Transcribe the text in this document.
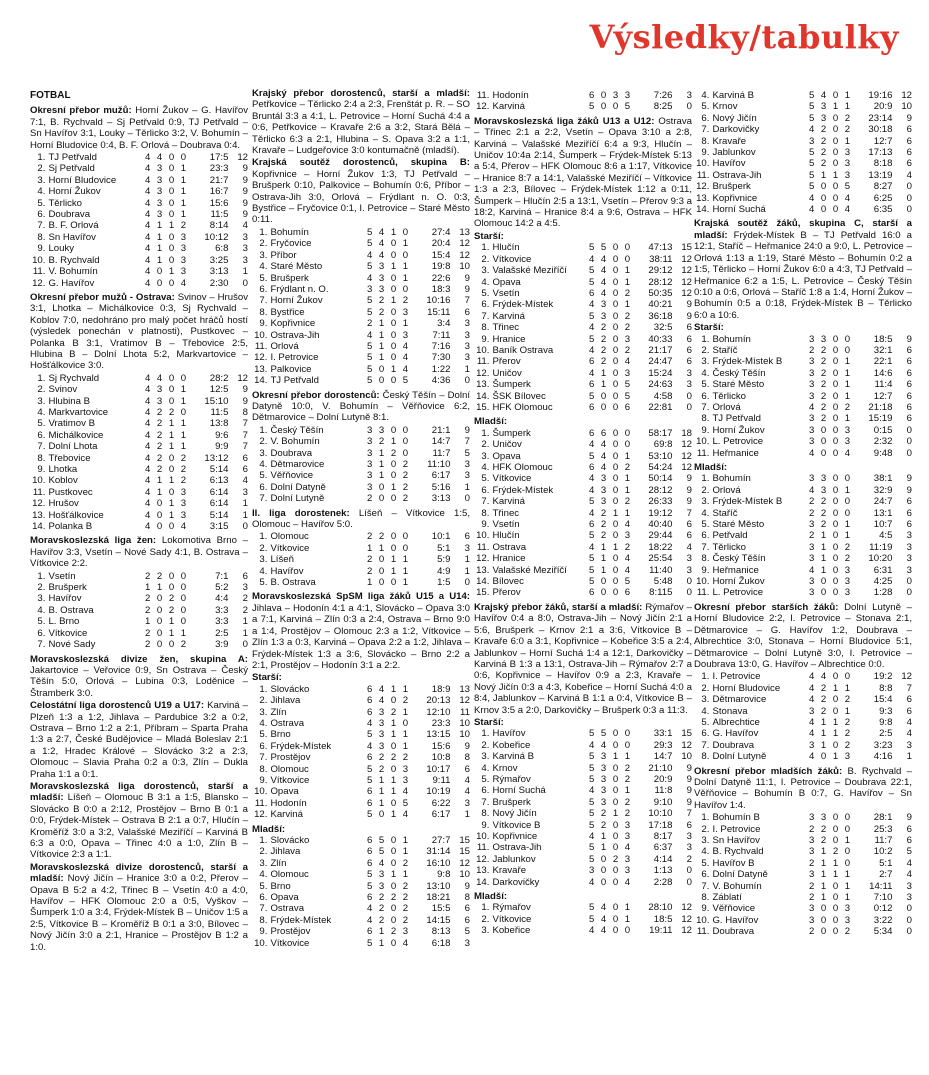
Výsledky/tabulky
FOTBAL
Okresní přebor mužů: Horní Žukov – G. Havířov 7:1, B. Rychvald – Sj Petřvald 0:9, TJ Petřvald – Sn Havířov 3:1, Louky – Těrlicko 3:2, V. Bohumín – Horní Bludovice 0:4, B. F. Orlová – Doubrava 0:4.
1.	TJ Petřvald	4	4	0	0	17:5	12
2.	Sj Petřvald	4	3	0	1	23:3	9
3.	Horní Bludovice	4	3	0	1	21:7	9
4.	Horní Žukov	4	3	0	1	16:7	9
5.	Těrlicko	4	3	0	1	15:6	9
6.	Doubrava	4	3	0	1	11:5	9
7.	B. F. Orlová	4	1	1	2	8:14	4
8.	Sn Havířov	4	1	0	3	10:12	3
9.	Louky	4	1	0	3	6:8	3
10.	B. Rychvald	4	1	0	3	3:25	3
11.	V. Bohumín	4	0	1	3	3:13	1
12.	G. Havířov	4	0	0	4	2:30	0
Okresní přebor mužů - Ostrava: Svinov – Hrušov 3:1, Lhotka – Michálkovice 0:3, Sj Rychvald – Koblov 7:0, nedohráno pro malý počet hráčů hostí (výsledek ponechán v platnosti), Pustkovec – Polanka B 3:1, Vratimov B – Třebovice 2:5, Hlubina B – Dolní Lhota 5:2, Markvartovice – Hošťálkovice 3:0.
1.	Sj Rychvald	4	4	0	0	28:2	12
2.	Svinov	4	3	0	1	12:5	9
3.	Hlubina B	4	3	0	1	15:10	9
4.	Markvartovice	4	2	2	0	11:5	8
5.	Vratimov B	4	2	1	1	13:8	7
6.	Michálkovice	4	2	1	1	9:6	7
7.	Dolní Lhota	4	2	1	1	9:9	7
8.	Třebovice	4	2	0	2	13:12	6
9.	Lhotka	4	2	0	2	5:14	6
10.	Koblov	4	1	1	2	6:13	4
11.	Pustkovec	4	1	0	3	6:14	3
12.	Hrušov	4	0	1	3	6:14	1
13.	Hošťálkovice	4	0	1	3	5:14	1
14.	Polanka B	4	0	0	4	3:15	0
Moravskoslezská liga žen: Lokomotiva Brno – Havířov 3:3, Vsetín – Nové Sady 4:1, B. Ostrava – Vítkovice 2:2.
1.	Vsetín	2	2	0	0	7:1	6
2.	Brušperk	1	1	0	0	5:2	3
3.	Havířov	2	0	2	0	4:4	2
4.	B. Ostrava	2	0	2	0	3:3	2
5.	L. Brno	1	0	1	0	3:3	1
6.	Vítkovice	2	0	1	1	2:5	1
7.	Nové Sady	2	0	0	2	3:9	0
Moravskoslezská divize žen, skupina A: Jakartovice – Veřovice 0:9, Sn Ostrava – Český Těšín 5:0, Orlová – Lubina 0:3, Loděnice – Štramberk 3:0.
Celostátní liga dorostenců U19 a U17: Karviná – Plzeň 1:3 a 1:2, Jihlava – Pardubice 3:2 a 0:2, Ostrava – Brno 1:2 a 2:1, Příbram – Sparta Praha 1:3 a 2:7, České Budějovice – Mladá Boleslav 2:1 a 1:2, Hradec Králové – Slovácko 3:2 a 2:3, Olomouc – Slavia Praha 0:2 a 0:3, Zlín – Dukla Praha 1:1 a 0:1.
Moravskoslezská liga dorostenců, starší a mladší: Líšeň – Olomouc B 3:1 a 1:5, Blansko – Slovácko B 0:0 a 2:12, Prostějov – Brno B 0:1 a 0:0, Frýdek-Místek – Ostrava B 2:1 a 0:7, Hlučín – Kroměříž 3:0 a 3:2, Valašské Meziříčí – Karviná B 6:3 a 0:0, Opava – Třinec 4:0 a 1:0, Zlín B – Vítkovice 2:3 a 1:1.
Moravskoslezská divize dorostenců, starší a mladší: Nový Jičín – Hranice 3:0 a 0:2, Přerov – Opava B 5:2 a 4:2, Třinec B – Vsetín 4:0 a 4:0, Havířov – HFK Olomouc 2:0 a 0:5, Vyškov – Šumperk 1:0 a 3:4, Frýdek-Místek B – Uničov 1:5 a 2:5, Vítkovice B – Kroměříž B 0:1 a 3:0, Bílovec – Nový Jičín 3:0 a 2:1, Hranice – Prostějov B 1:2 a 1:0.
Krajský přebor dorostenců, starší a mladší: Petřkovice – Těrlicko 2:4 a 2:3, Frenštát p. R. – SO Bruntál 3:3 a 4:1, L. Petrovice – Horní Suchá 4:4 a 0:6, Petřkovice – Kravaře 2:6 a 3:2, Stará Bělá – Těrlicko 6:3 a 2:1, Hlubina – S. Opava 3:2 a 1:1, Kravaře – Ludgeřovice 3:0 kontumačně (mladší).
Krajská soutěž dorostenců, skupina B: Kopřivnice – Horní Žukov 1:3, TJ Petřvald – Brušperk 0:10, Palkovice – Bohumín 0:6, Příbor – Ostrava-Jih 3:0, Orlová – Frýdlant n. O. 0:3, Bystřice – Fryčovice 0:1, I. Petrovice – Staré Město 0:11.
1.	Bohumín	5	4	1	0	27:4	13
2.	Fryčovice	5	4	0	1	20:4	12
3.	Příbor	4	4	0	0	15:4	12
4.	Staré Město	5	3	1	1	19:8	10
5.	Brušperk	4	3	0	1	22:6	9
6.	Frýdlant n. O.	3	3	0	0	18:3	9
7.	Horní Žukov	5	2	1	2	10:16	7
8.	Bystřice	5	2	0	3	15:11	6
9.	Kopřivnice	2	1	0	1	3:4	3
10.	Ostrava-Jih	4	1	0	3	7:11	3
11.	Orlová	5	1	0	4	7:16	3
12.	I. Petrovice	5	1	0	4	7:30	3
13.	Palkovice	5	0	1	4	1:22	1
14.	TJ Petřvald	5	0	0	5	4:36	0
Okresní přebor dorostenců: Český Těšín – Dolní Datyně 10:0, V. Bohumín – Věřňovice 6:2, Dětmarovice – Dolní Lutyně 8:1.
1.	Český Těšín	3	3	0	0	21:1	9
2.	V. Bohumín	3	2	1	0	14:7	7
3.	Doubrava	3	1	2	0	11:7	5
4.	Dětmarovice	3	1	0	2	11:10	3
5.	Věřňovice	3	1	0	2	6:17	3
6.	Dolní Datyně	3	0	1	2	5:16	1
7.	Dolní Lutyně	2	0	0	2	3:13	0
II. liga dorostenek: Líšeň – Vítkovice 1:5, Olomouc – Havířov 5:0.
1.	Olomouc	2	2	0	0	10:1	6
2.	Vítkovice	1	1	0	0	5:1	3
3.	Líšeň	2	0	1	1	5:9	1
4.	Havířov	2	0	1	1	4:9	1
5.	B. Ostrava	1	0	0	1	1:5	0
Moravskoslezská SpSM liga žáků U15 a U14: Jihlava – Hodonín 4:1 a 4:1, Slovácko – Opava 3:0 a 7:1, Karviná – Zlín 0:3 a 2:4, Ostrava – Brno 9:0 a 1:4, Prostějov – Olomouc 2:3 a 1:2, Vítkovice – Zlín 1:3 a 0:3, Karviná – Opava 2:2 a 1:2, Jihlava – Frýdek-Místek 1:3 a 3:6, Slovácko – Brno 2:2 a 2:1, Prostějov – Hodonín 3:1 a 2:2.
Starší:
1.	Slovácko	6	4	1	1	18:9	13
2.	Jihlava	6	4	0	2	20:13	12
3.	Zlín	6	3	2	1	12:10	11
4.	Ostrava	4	3	1	0	23:3	10
5.	Brno	5	3	1	1	13:15	10
6.	Frýdek-Místek	4	3	0	1	15:6	9
7.	Prostějov	6	2	2	2	10:8	8
8.	Olomouc	5	2	0	3	10:17	6
9.	Vítkovice	5	1	1	3	9:11	4
10.	Opava	6	1	1	4	10:19	4
11.	Hodonín	6	1	0	5	6:22	3
12.	Karviná	5	0	1	4	6:17	1
Mladší:
1.	Slovácko	6	5	0	1	27:7	15
2.	Jihlava	6	5	0	1	31:14	15
3.	Zlín	6	4	0	2	16:10	12
4.	Olomouc	5	3	1	1	9:8	10
5.	Brno	5	3	0	2	13:10	9
6.	Opava	6	2	2	2	18:21	8
7.	Ostrava	4	2	0	2	15:5	6
8.	Frýdek-Místek	4	2	0	2	14:15	6
9.	Prostějov	6	1	2	3	8:13	5
10.	Vítkovice	5	1	0	4	6:18	3
11.	Hodonín	6	0	3	3	7:26	3
12.	Karviná	5	0	0	5	8:25	0
Moravskoslezská liga žáků U13 a U12: Ostrava – Třinec 2:1 a 2:2, Vsetín – Opava 3:10 a 2:8, Karviná – Valašské Meziříčí 6:4 a 9:3, Hlučín – Uničov 10:4a 2:14, Šumperk – Frýdek-Místek 5:13 a 5:4, Přerov – HFK Olomouc 8:6 a 1:17, Vítkovice – Hranice 8:7 a 14:1, Valašské Meziříčí – Vítkovice 1:3 a 2:3, Bílovec – Frýdek-Místek 1:12 a 0:11, Šumperk – Hlučín 2:5 a 13:1, Vsetín – Přerov 9:3 a 18:2, Karviná – Hranice 8:4 a 9:6, Ostrava – HFK Olomouc 14:2 a 4:5.
Starší:
1.	Hlučín	5	5	0	0	47:13	15
2.	Vítkovice	4	4	0	0	38:11	12
3.	Valašské Meziříčí	5	4	0	1	29:12	12
4.	Opava	5	4	0	1	28:12	12
5.	Vsetín	6	4	0	2	50:35	12
6.	Frýdek-Místek	4	3	0	1	40:21	9
7.	Karviná	5	3	0	2	36:18	9
8.	Třinec	4	2	0	2	32:5	6
9.	Hranice	5	2	0	3	40:33	6
10.	Baník Ostrava	4	2	0	2	21:17	6
11.	Přerov	6	2	0	4	24:47	6
12.	Uničov	4	1	0	3	15:24	3
13.	Šumperk	6	1	0	5	24:63	3
14.	ŠSK Bílovec	5	0	0	5	4:58	0
15.	HFK Olomouc	6	0	0	6	22:81	0
Mladší:
1.	Šumperk	6	6	0	0	58:17	18
2.	Uničov	4	4	0	0	69:8	12
3.	Opava	5	4	0	1	53:10	12
4.	HFK Olomouc	6	4	0	2	54:24	12
5.	Vítkovice	4	3	0	1	50:14	9
6.	Frýdek-Místek	4	3	0	1	28:12	9
7.	Karviná	5	3	0	2	26:33	9
8.	Třinec	4	2	1	1	19:12	7
9.	Vsetín	6	2	0	4	40:40	6
10.	Hlučín	5	2	0	3	29:44	6
11.	Ostrava	4	1	1	2	18:22	4
12.	Hranice	5	1	0	4	25:54	3
13.	Valašské Meziříčí	5	1	0	4	11:40	3
14.	Bílovec	5	0	0	5	5:48	0
15.	Přerov	6	0	0	6	8:115	0
Krajský přebor žáků, starší a mladší: Rýmařov – Havířov 0:4 a 8:0, Ostrava-Jih – Nový Jičín 2:1 a 5:6, Brušperk – Krnov 2:1 a 3:6, Vítkovice B – Kravaře 6:0 a 3:1, Kopřivnice – Kobeřice 3:5 a 2:4, Jablunkov – Horní Suchá 1:4 a 12:1, Darkovičky – Karviná B 1:3 a 13:1, Ostrava-Jih – Rýmařov 2:7 a 0:6, Kopřivnice – Havířov 0:9 a 2:3, Kravaře – Nový Jičín 0:3 a 4:3, Kobeřice – Horní Suchá 4:0 a 8:4, Jablunkov – Karviná B 1:1 a 0:4, Vítkovice B – Krnov 3:5 a 2:0, Darkovičky – Brušperk 0:3 a 11:3.
Starší:
1.	Havířov	5	5	0	0	33:1	15
2.	Kobeřice	4	4	0	0	29:3	12
3.	Karviná B	5	3	1	1	14:7	10
4.	Krnov	5	3	0	2	21:10	9
5.	Rýmařov	5	3	0	2	20:9	9
6.	Horní Suchá	4	3	0	1	11:8	9
7.	Brušperk	5	3	0	2	9:10	9
8.	Nový Jičín	5	2	1	2	10:10	7
9.	Vítkovice B	5	2	0	3	17:18	6
10.	Kopřivnice	4	1	0	3	8:17	3
11.	Ostrava-Jih	5	1	0	4	6:37	3
12.	Jablunkov	5	0	2	3	4:14	2
13.	Kravaře	3	0	0	3	1:13	0
14.	Darkovičky	4	0	0	4	2:28	0
Mladší:
1.	Rýmařov	5	4	0	1	28:10	12
2.	Vítkovice	5	4	0	1	18:5	12
3.	Kobeřice	4	4	0	0	19:11	12
4.	Karviná B	5	4	0	1	19:16	12
5.	Krnov	5	3	1	1	20:9	10
6.	Nový Jičín	5	3	0	2	23:14	9
7.	Darkovičky	4	2	0	2	30:18	6
8.	Kravaře	3	2	0	1	12:7	6
9.	Jablunkov	5	2	0	3	17:13	6
10.	Havířov	5	2	0	3	8:18	6
11.	Ostrava-Jih	5	1	1	3	13:19	4
12.	Brušperk	5	0	0	5	8:27	0
13.	Kopřivnice	4	0	0	4	6:25	0
14.	Horní Suchá	4	0	0	4	6:35	0
Krajská soutěž žáků, skupina C, starší a mladší: Frýdek-Místek B – TJ Petřvald 16:0 a 12:1, Staříč – Heřmanice 24:0 a 9:0, L. Petrovice – Orlová 1:13 a 1:19, Staré Město – Bohumín 0:2 a 1:5, Těrlicko – Horní Žukov 6:0 a 4:3, TJ Petřvald – Heřmanice 6:2 a 1:5, L. Petrovice – Český Těšín 0:10 a 0:6, Orlová – Staříč 1:8 a 1:4, Horní Žukov – Bohumín 0:5 a 0:18, Frýdek-Místek B – Těrlicko 6:0 a 10:6.
Starší:
1.	Bohumín	3	3	0	0	18:5	9
2.	Staříč	2	2	0	0	32:1	6
3.	Frýdek-Místek B	3	2	0	1	22:1	6
4.	Český Těšín	3	2	0	1	14:6	6
5.	Staré Město	3	2	0	1	11:4	6
6.	Těrlicko	3	2	0	1	12:7	6
7.	Orlová	4	2	0	2	21:18	6
8.	TJ Petřvald	3	2	0	1	15:19	6
9.	Horní Žukov	3	0	0	3	0:15	0
10.	L. Petrovice	3	0	0	3	2:32	0
11.	Heřmanice	4	0	0	4	9:48	0
Mladší:
1.	Bohumín	3	3	0	0	38:1	9
2.	Orlová	4	3	0	1	32:9	9
3.	Frýdek-Místek B	2	2	0	0	24:7	6
4.	Staříč	2	2	0	0	13:1	6
5.	Staré Město	3	2	0	1	10:7	6
6.	Petřvald	2	1	0	1	4:5	3
7.	Těrlicko	3	1	0	2	11:19	3
8.	Český Těšín	3	1	0	2	10:20	3
9.	Heřmanice	4	1	0	3	6:31	3
10.	Horní Žukov	3	0	0	3	4:25	0
11.	L. Petrovice	3	0	0	3	1:28	0
Okresní přebor starších žáků: Dolní Lutyně – Horní Bludovice 2:2, I. Petrovice – Stonava 2:1, Dětmarovice – G. Havířov 1:2, Doubrava – Albrechtice 3:0, Stonava – Horní Bludovice 5:1, Dětmarovice – Dolní Lutyně 3:0, I. Petrovice – Doubrava 13:0, G. Havířov – Albrechtice 0:0.
1.	I. Petrovice	4	4	0	0	19:2	12
2.	Horní Bludovice	4	2	1	1	8:8	7
3.	Dětmarovice	4	2	0	2	15:4	6
4.	Stonava	3	2	0	1	9:3	6
5.	Albrechtice	4	1	1	2	9:8	4
6.	G. Havířov	4	1	1	2	2:5	4
7.	Doubrava	3	1	0	2	3:23	3
8.	Dolní Lutyně	4	0	1	3	4:16	1
Okresní přebor mladších žáků: B. Rychvald – Dolní Datyně 11:1, I. Petrovice – Doubrava 22:1, Věřňovice – Bohumín B 0:7, G. Havířov – Sn Havířov 1:4.
1.	Bohumín B	3	3	0	0	28:1	9
2.	I. Petrovice	2	2	0	0	25:3	6
3.	Sn Havířov	3	2	0	1	11:7	6
4.	B. Rychvald	3	1	2	0	10:2	5
5.	Havířov B	2	1	1	0	5:1	4
6.	Dolní Datyně	3	1	1	1	2:7	4
7.	V. Bohumín	2	1	0	1	14:11	3
8.	Záblatí	2	1	0	1	7:10	3
9.	Věřňovice	3	0	0	3	0:12	0
10.	G. Havířov	3	0	0	3	3:22	0
11.	Doubrava	2	0	0	2	5:34	0
